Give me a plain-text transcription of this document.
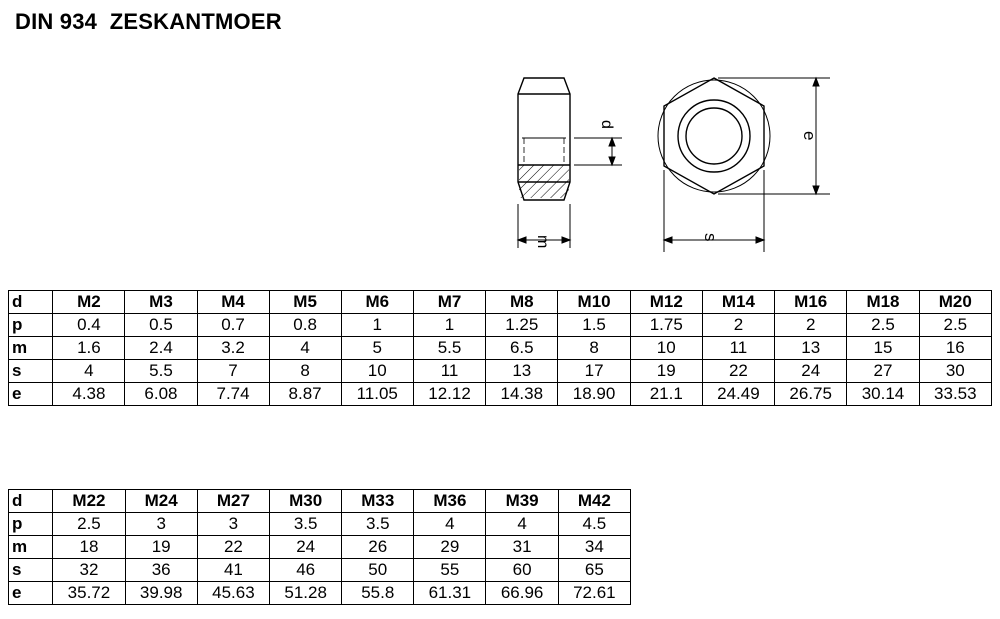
DIN 934  ZESKANTMOER
m
d
e
s
d	M2	M3	M4	M5	M6	M7	M8	M10	M12	M14	M16	M18	M20
p	0.4	0.5	0.7	0.8	1	1	1.25	1.5	1.75	2	2	2.5	2.5
m	1.6	2.4	3.2	4	5	5.5	6.5	8	10	11	13	15	16
s	4	5.5	7	8	10	11	13	17	19	22	24	27	30
e	4.38	6.08	7.74	8.87	11.05	12.12	14.38	18.90	21.1	24.49	26.75	30.14	33.53
d	M22	M24	M27	M30	M33	M36	M39	M42
p	2.5	3	3	3.5	3.5	4	4	4.5
m	18	19	22	24	26	29	31	34
s	32	36	41	46	50	55	60	65
e	35.72	39.98	45.63	51.28	55.8	61.31	66.96	72.61
